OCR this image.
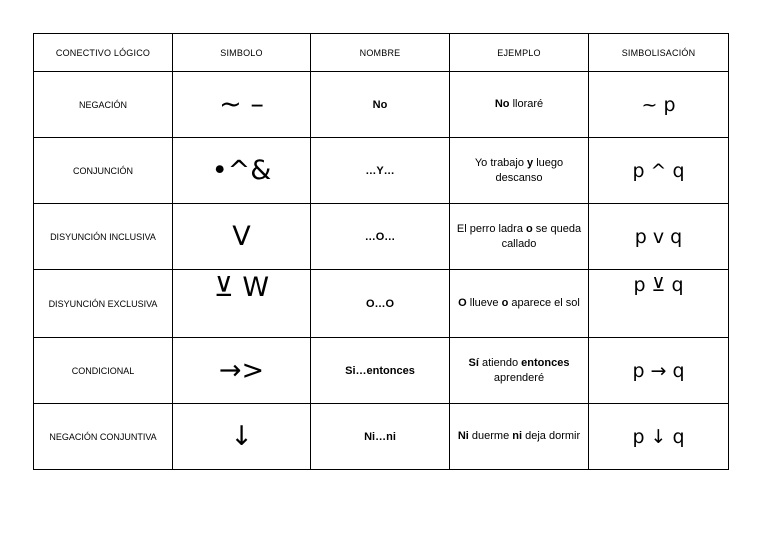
CONECTIVO LÓGICO	SIMBOLO	NOMBRE	EJEMPLO	SIMBOLISACIÓN
NEGACIÓN	~ –	No	No lloraré	~ p
CONJUNCIÓN	•^&	…Y…	Yo trabajo y luego descanso	p ^ q
DISYUNCIÓN INCLUSIVA	V	…O…	El perro ladra o se queda callado	p v q
DISYUNCIÓN EXCLUSIVA	⊻ W	O…O	O llueve o aparece el sol	p ⊻ q
CONDICIONAL	→>	Si…entonces	Sí atiendo entonces aprenderé	p → q
NEGACIÓN CONJUNTIVA	↓	Ni…ni	Ni duerme ni deja dormir	p ↓ q
